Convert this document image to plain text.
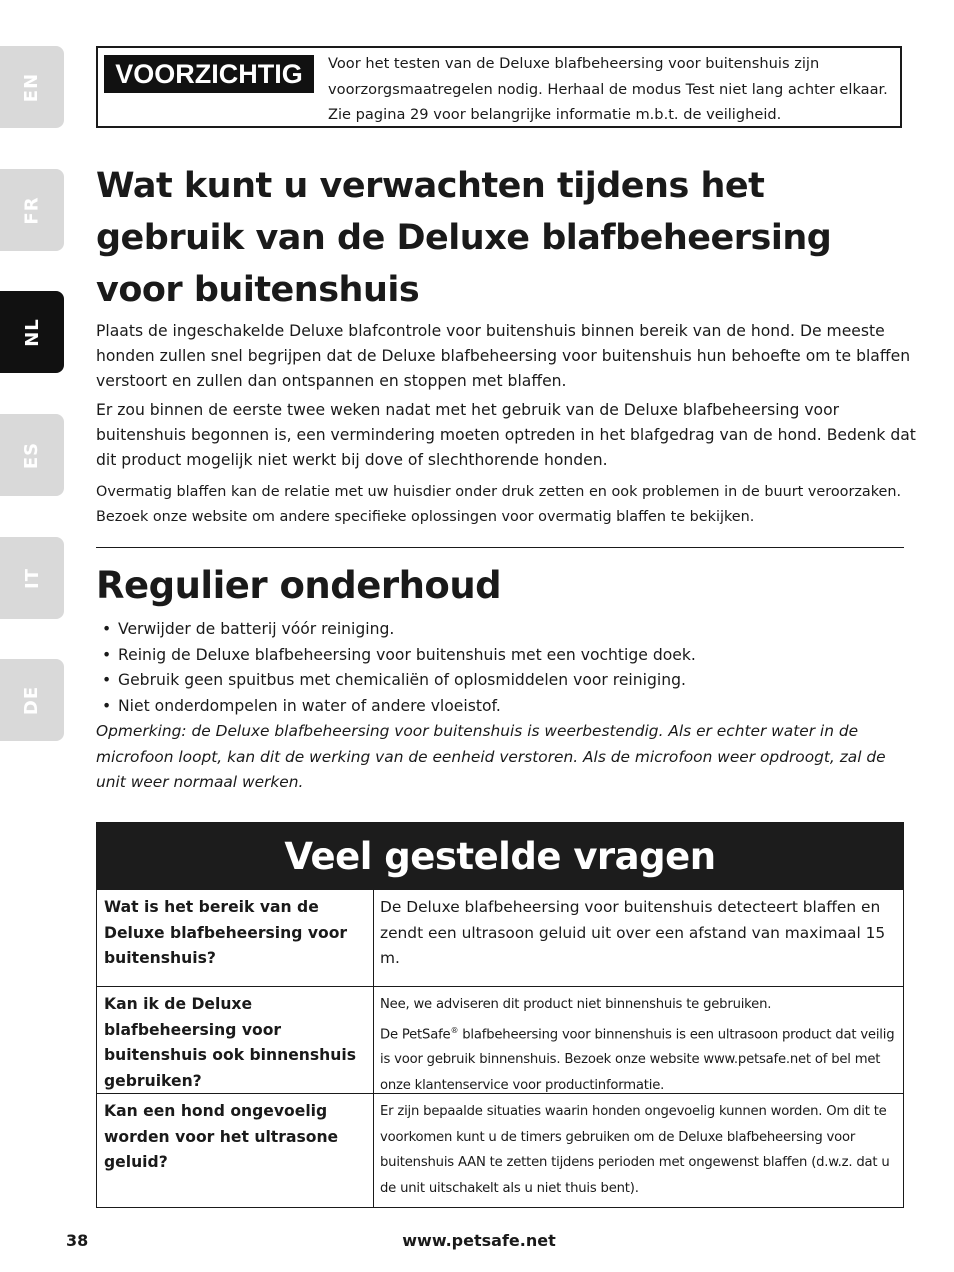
EN
FR
NL
ES
IT
DE
VOORZICHTIG	Voor het testen van de Deluxe blafbeheersing voor buitenshuis zijn voorzorgsmaatregelen nodig. Herhaal de modus Test niet lang achter elkaar. Zie pagina 29 voor belangrijke informatie m.b.t. de veiligheid.

Wat kunt u verwachten tijdens het gebruik van de Deluxe blafbeheersing voor buitenshuis

Plaats de ingeschakelde Deluxe blafcontrole voor buitenshuis binnen bereik van de hond. De meeste honden zullen snel begrijpen dat de Deluxe blafbeheersing voor buitenshuis hun behoefte om te blaffen verstoort en zullen dan ontspannen en stoppen met blaffen.

Er zou binnen de eerste twee weken nadat met het gebruik van de Deluxe blafbeheersing voor buitenshuis begonnen is, een vermindering moeten optreden in het blafgedrag van de hond. Bedenk dat dit product mogelijk niet werkt bij dove of slechthorende honden.

Overmatig blaffen kan de relatie met uw huisdier onder druk zetten en ook problemen in de buurt veroorzaken. Bezoek onze website om andere specifieke oplossingen voor overmatig blaffen te bekijken.

Regulier onderhoud
• Verwijder de batterij vóór reiniging.
• Reinig de Deluxe blafbeheersing voor buitenshuis met een vochtige doek.
• Gebruik geen spuitbus met chemicaliën of oplosmiddelen voor reiniging.
• Niet onderdompelen in water of andere vloeistof.

Opmerking: de Deluxe blafbeheersing voor buitenshuis is weerbestendig. Als er echter water in de microfoon loopt, kan dit de werking van de eenheid verstoren. Als de microfoon weer opdroogt, zal de unit weer normaal werken.

Veel gestelde vragen
Wat is het bereik van de Deluxe blafbeheersing voor buitenshuis?
De Deluxe blafbeheersing voor buitenshuis detecteert blaffen en zendt een ultrasoon geluid uit over een afstand van maximaal 15 m.
Kan ik de Deluxe blafbeheersing voor buitenshuis ook binnenshuis gebruiken?
Nee, we adviseren dit product niet binnenshuis te gebruiken.
De PetSafe® blafbeheersing voor binnenshuis is een ultrasoon product dat veilig is voor gebruik binnenshuis. Bezoek onze website www.petsafe.net of bel met onze klantenservice voor productinformatie.
Kan een hond ongevoelig worden voor het ultrasone geluid?
Er zijn bepaalde situaties waarin honden ongevoelig kunnen worden. Om dit te voorkomen kunt u de timers gebruiken om de Deluxe blafbeheersing voor buitenshuis AAN te zetten tijdens perioden met ongewenst blaffen (d.w.z. dat u de unit uitschakelt als u niet thuis bent).
38	www.petsafe.net
